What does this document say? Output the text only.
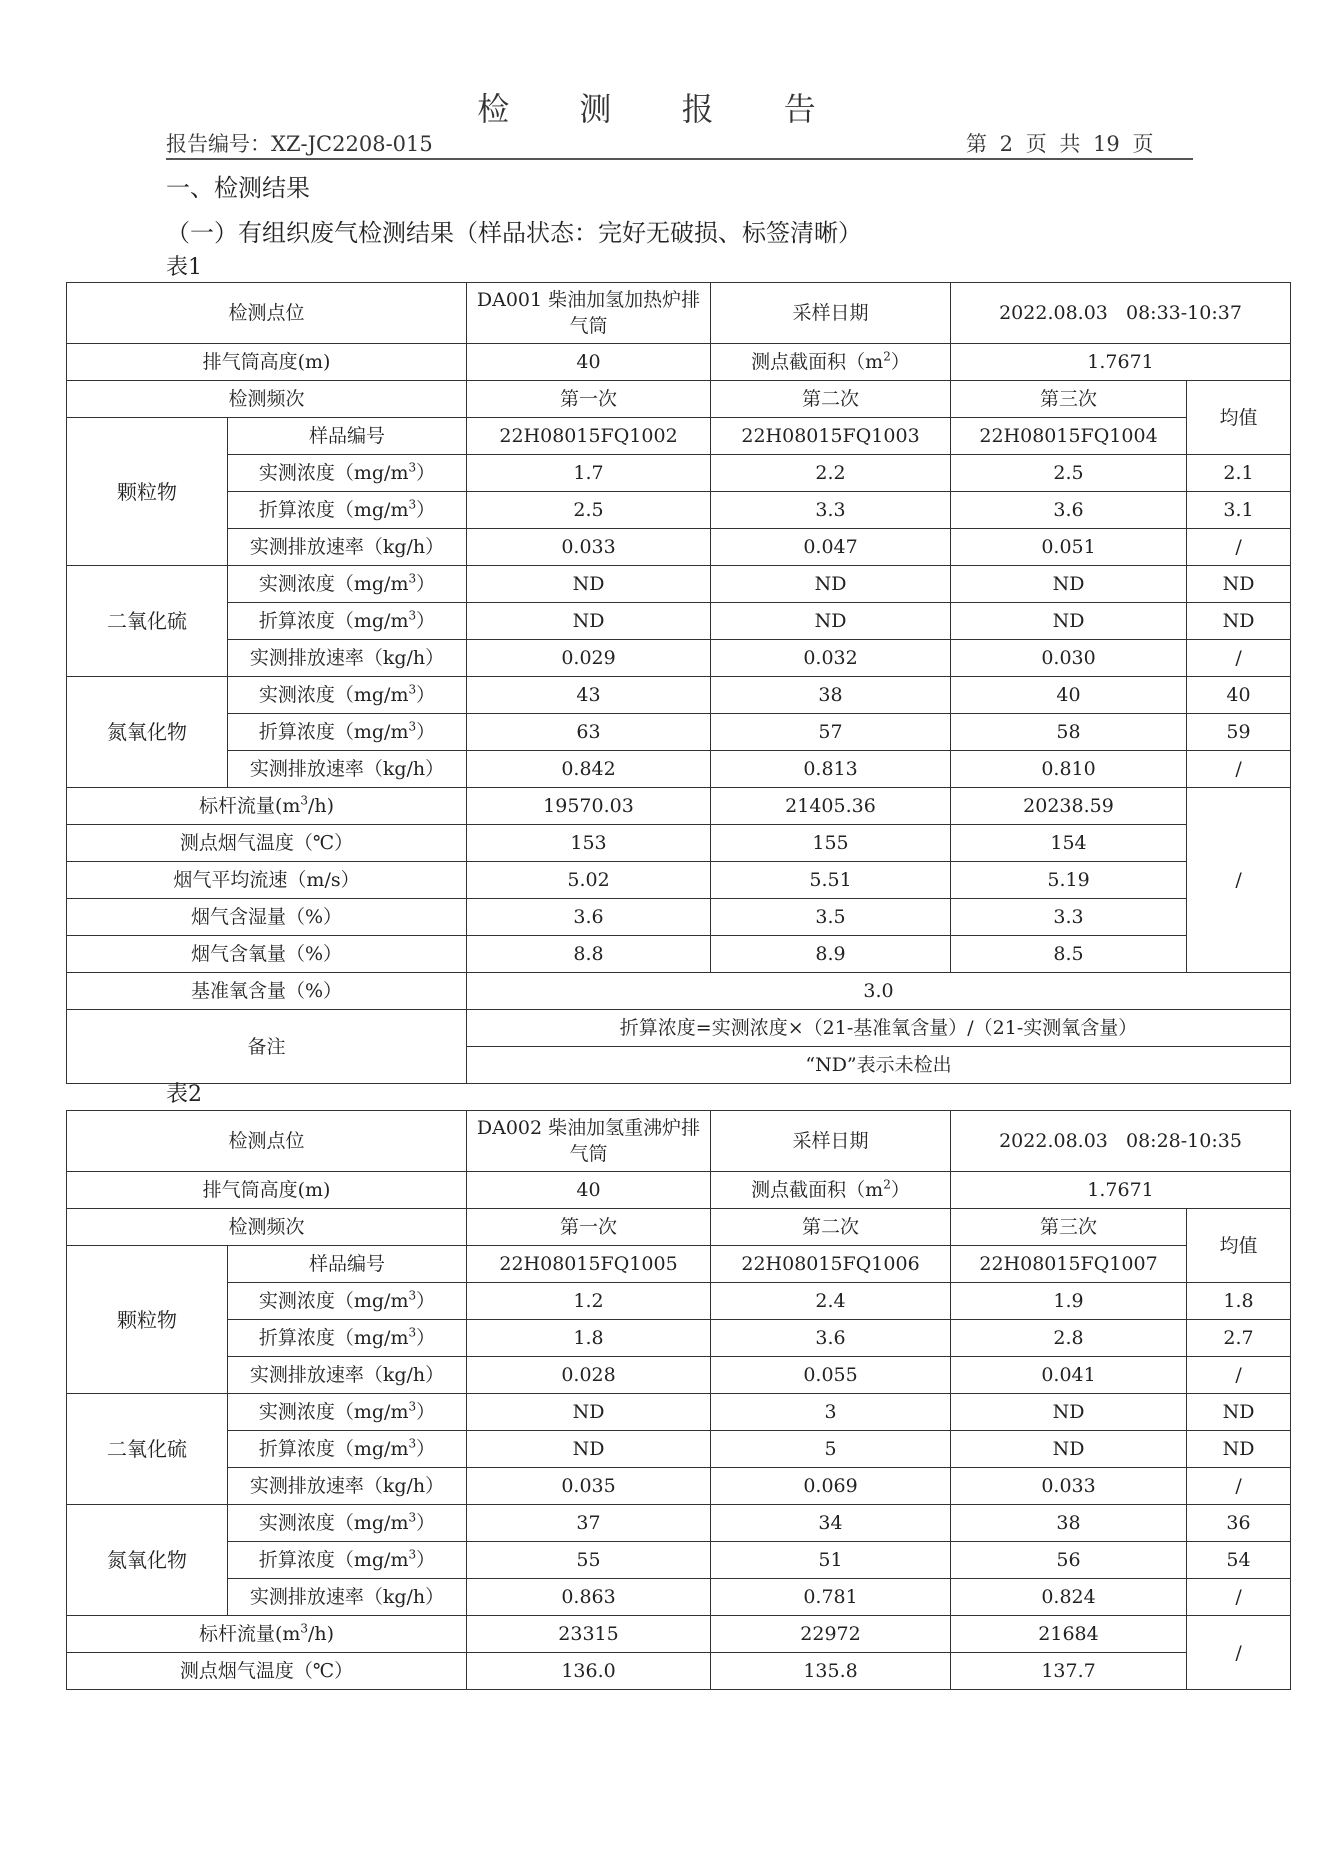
检 测 报 告
报告编号：XZ-JC2208-015	第 2 页 共 19 页
一、检测结果
（一）有组织废气检测结果（样品状态：完好无破损、标签清晰）
表1
检测点位		DA001 柴油加氢加热炉排气筒	采样日期	2022.08.03   08:33-10:37	
排气筒高度(m)		40	测点截面积$(m^2)$	1.7671	
检测频次		第一次	第二次	第三次	均值
颗粒物	样品编号	22H08015FQ1002	22H08015FQ1003	22H08015FQ1004	
	实测浓度$(mg/m^3)$	1.7	2.2	2.5	2.1
	折算浓度$(mg/m^3)$	2.5	3.3	3.6	3.1
	实测排放速率（kg/h）	0.033	0.047	0.051	/
二氧化硫	实测浓度$(mg/m^3)$	ND	ND	ND	ND
	折算浓度$(mg/m^3)$	ND	ND	ND	ND
	实测排放速率（kg/h）	0.029	0.032	0.030	/
氮氧化物	实测浓度$(mg/m^3)$	43	38	40	40
	折算浓度$(mg/m^3)$	63	57	58	59
	实测排放速率（kg/h）	0.842	0.813	0.810	/
标杆流量$(m^3/h)$		19570.03	21405.36	20238.59	/
测点烟气温度（℃）		153	155	154	
烟气平均流速（m/s）		5.02	5.51	5.19	
烟气含湿量（%）		3.6	3.5	3.3	
烟气含氧量（%）		8.8	8.9	8.5	
基准氧含量（%）		3.0			
备注		折算浓度=实测浓度×（21-基准氧含量）/（21-实测氧含量）			
		“ND”表示未检出			
表2
检测点位		DA002 柴油加氢重沸炉排气筒	采样日期	2022.08.03   08:28-10:35	
排气筒高度(m)		40	测点截面积$(m^2)$	1.7671	
检测频次		第一次	第二次	第三次	均值
颗粒物	样品编号	22H08015FQ1005	22H08015FQ1006	22H08015FQ1007	
	实测浓度$(mg/m^3)$	1.2	2.4	1.9	1.8
	折算浓度$(mg/m^3)$	1.8	3.6	2.8	2.7
	实测排放速率（kg/h）	0.028	0.055	0.041	/
二氧化硫	实测浓度$(mg/m^3)$	ND	3	ND	ND
	折算浓度$(mg/m^3)$	ND	5	ND	ND
	实测排放速率（kg/h）	0.035	0.069	0.033	/
氮氧化物	实测浓度$(mg/m^3)$	37	34	38	36
	折算浓度$(mg/m^3)$	55	51	56	54
	实测排放速率（kg/h）	0.863	0.781	0.824	/
标杆流量$(m^3/h)$		23315	22972	21684	/
测点烟气温度（℃）		136.0	135.8	137.7	
